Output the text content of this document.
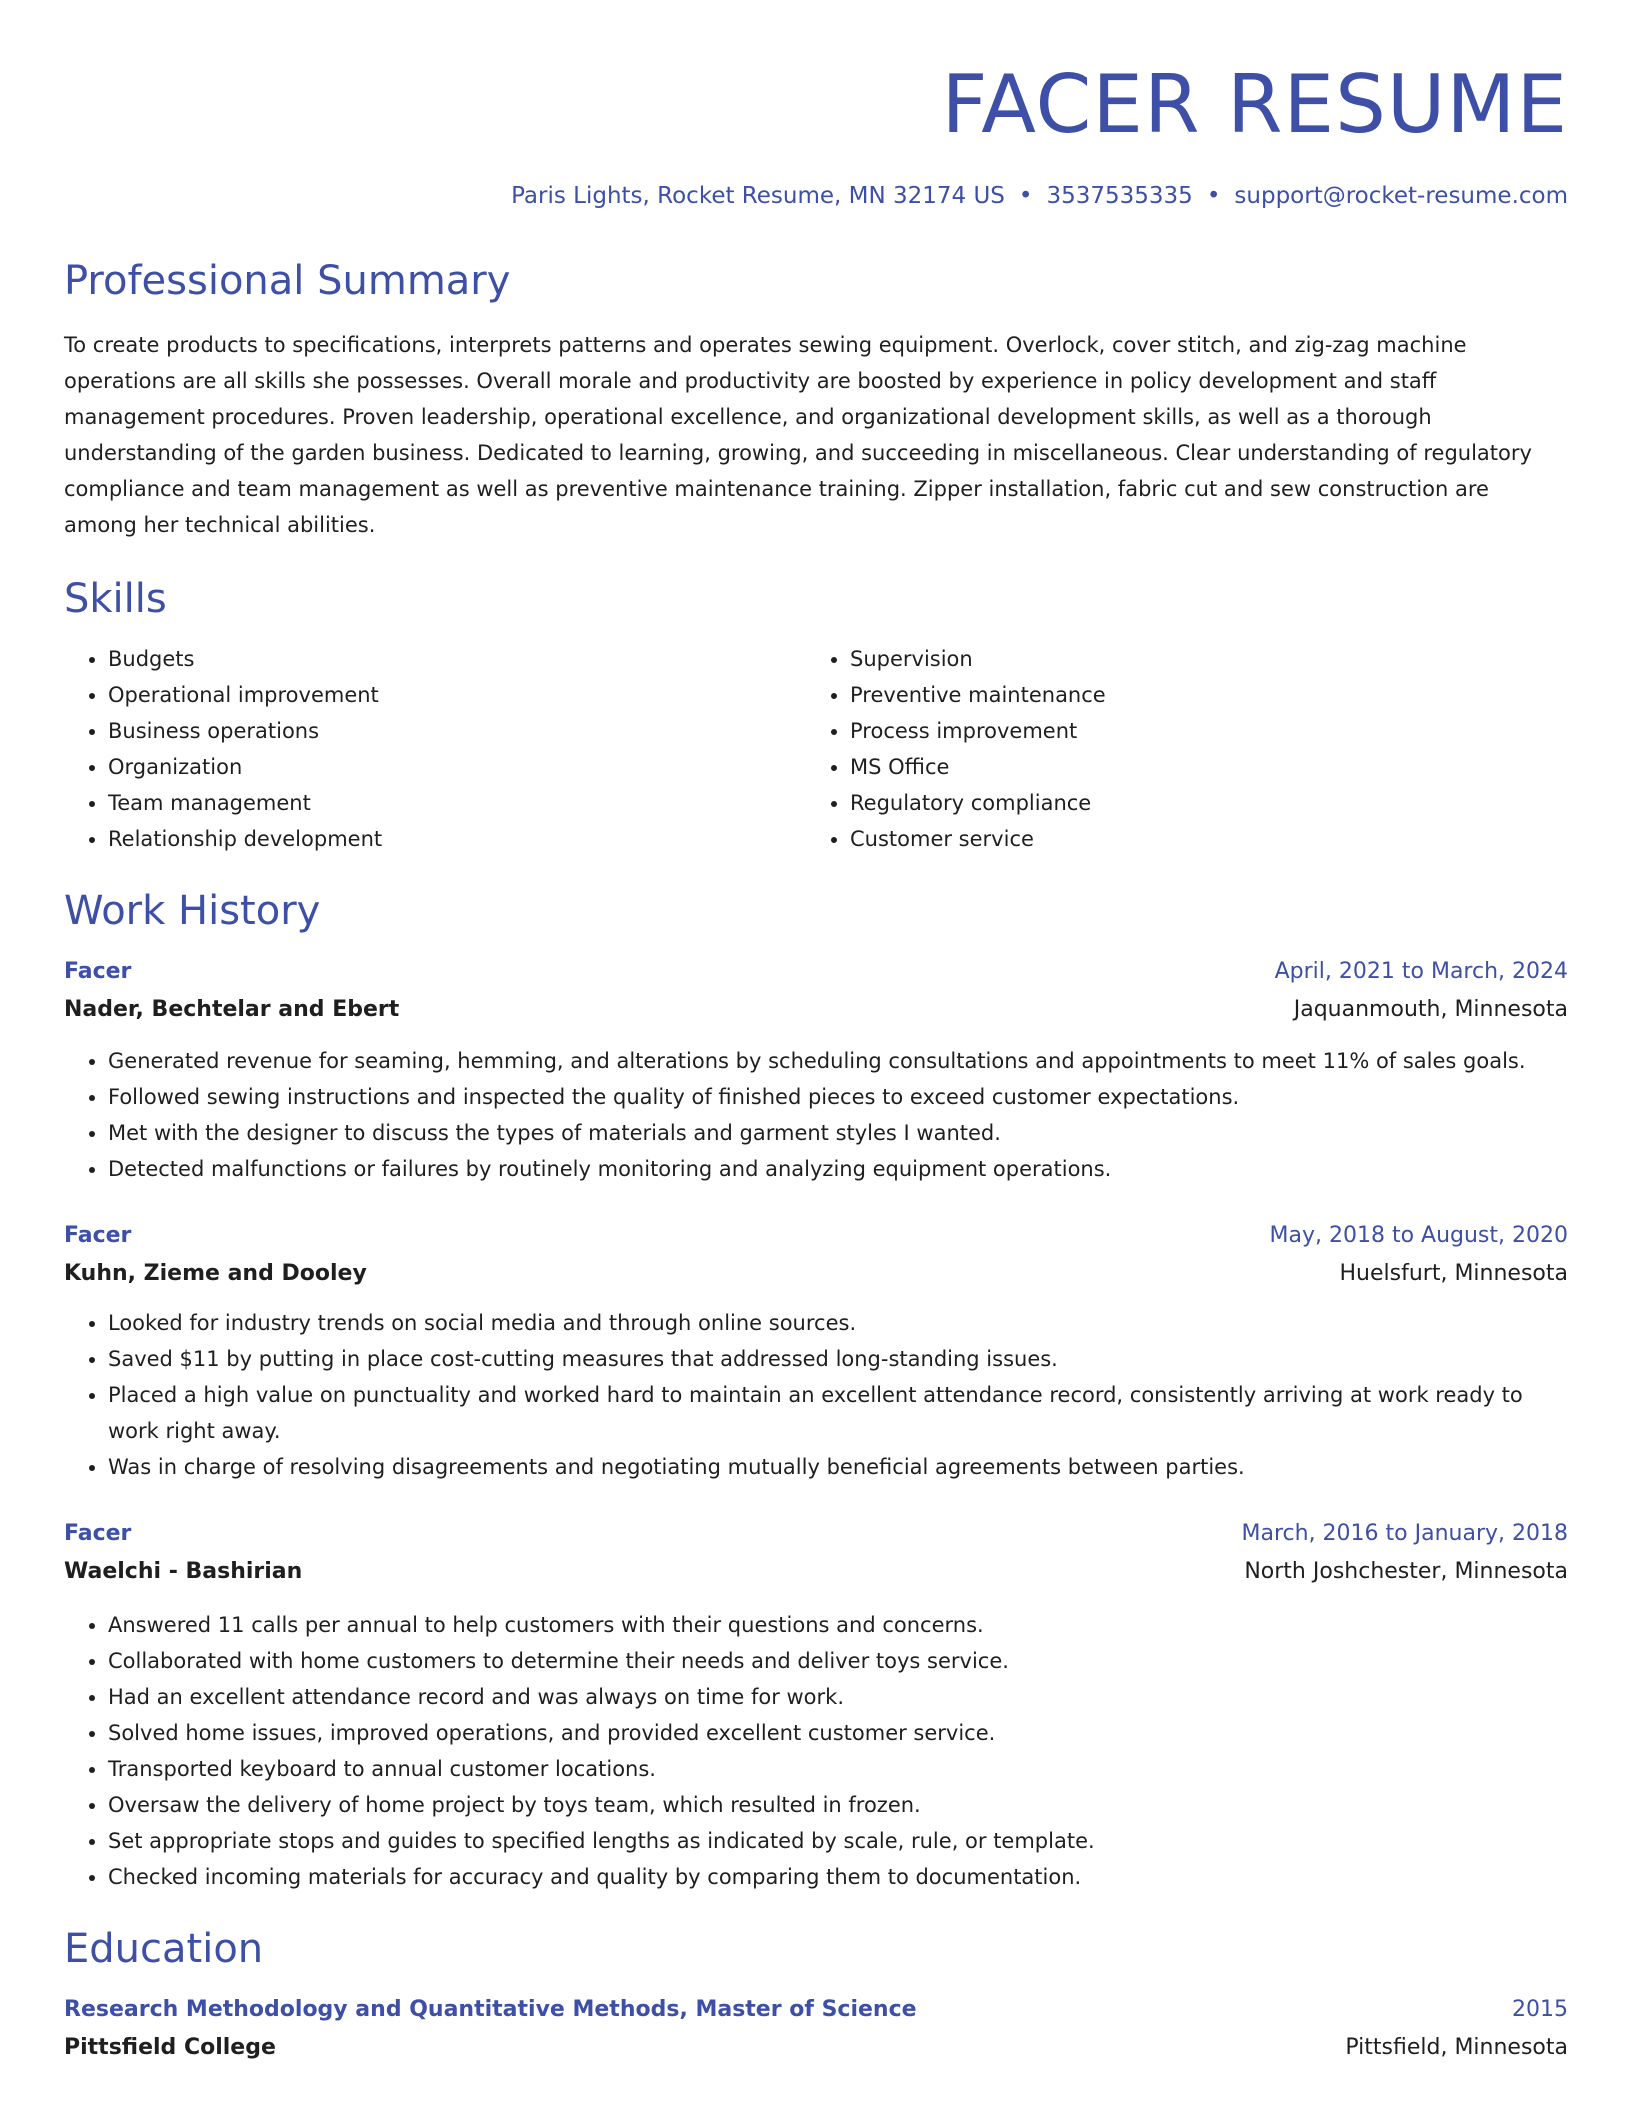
FACER RESUME
Paris Lights, Rocket Resume, MN 32174 US • 3537535335 • support@rocket-resume.com
Professional Summary
To create products to specifications, interprets patterns and operates sewing equipment. Overlock, cover stitch, and zig-zag machine operations are all skills she possesses. Overall morale and productivity are boosted by experience in policy development and staff management procedures. Proven leadership, operational excellence, and organizational development skills, as well as a thorough understanding of the garden business. Dedicated to learning, growing, and succeeding in miscellaneous. Clear understanding of regulatory compliance and team management as well as preventive maintenance training. Zipper installation, fabric cut and sew construction are among her technical abilities.
Skills
• Budgets
• Operational improvement
• Business operations
• Organization
• Team management
• Relationship development
• Supervision
• Preventive maintenance
• Process improvement
• MS Office
• Regulatory compliance
• Customer service
Work History
Facer	April, 2021 to March, 2024
Nader, Bechtelar and Ebert	Jaquanmouth, Minnesota
• Generated revenue for seaming, hemming, and alterations by scheduling consultations and appointments to meet 11% of sales goals.
• Followed sewing instructions and inspected the quality of finished pieces to exceed customer expectations.
• Met with the designer to discuss the types of materials and garment styles I wanted.
• Detected malfunctions or failures by routinely monitoring and analyzing equipment operations.
Facer	May, 2018 to August, 2020
Kuhn, Zieme and Dooley	Huelsfurt, Minnesota
• Looked for industry trends on social media and through online sources.
• Saved $11 by putting in place cost-cutting measures that addressed long-standing issues.
• Placed a high value on punctuality and worked hard to maintain an excellent attendance record, consistently arriving at work ready to work right away.
• Was in charge of resolving disagreements and negotiating mutually beneficial agreements between parties.
Facer	March, 2016 to January, 2018
Waelchi - Bashirian	North Joshchester, Minnesota
• Answered 11 calls per annual to help customers with their questions and concerns.
• Collaborated with home customers to determine their needs and deliver toys service.
• Had an excellent attendance record and was always on time for work.
• Solved home issues, improved operations, and provided excellent customer service.
• Transported keyboard to annual customer locations.
• Oversaw the delivery of home project by toys team, which resulted in frozen.
• Set appropriate stops and guides to specified lengths as indicated by scale, rule, or template.
• Checked incoming materials for accuracy and quality by comparing them to documentation.
Education
Research Methodology and Quantitative Methods, Master of Science	2015
Pittsfield College	Pittsfield, Minnesota
